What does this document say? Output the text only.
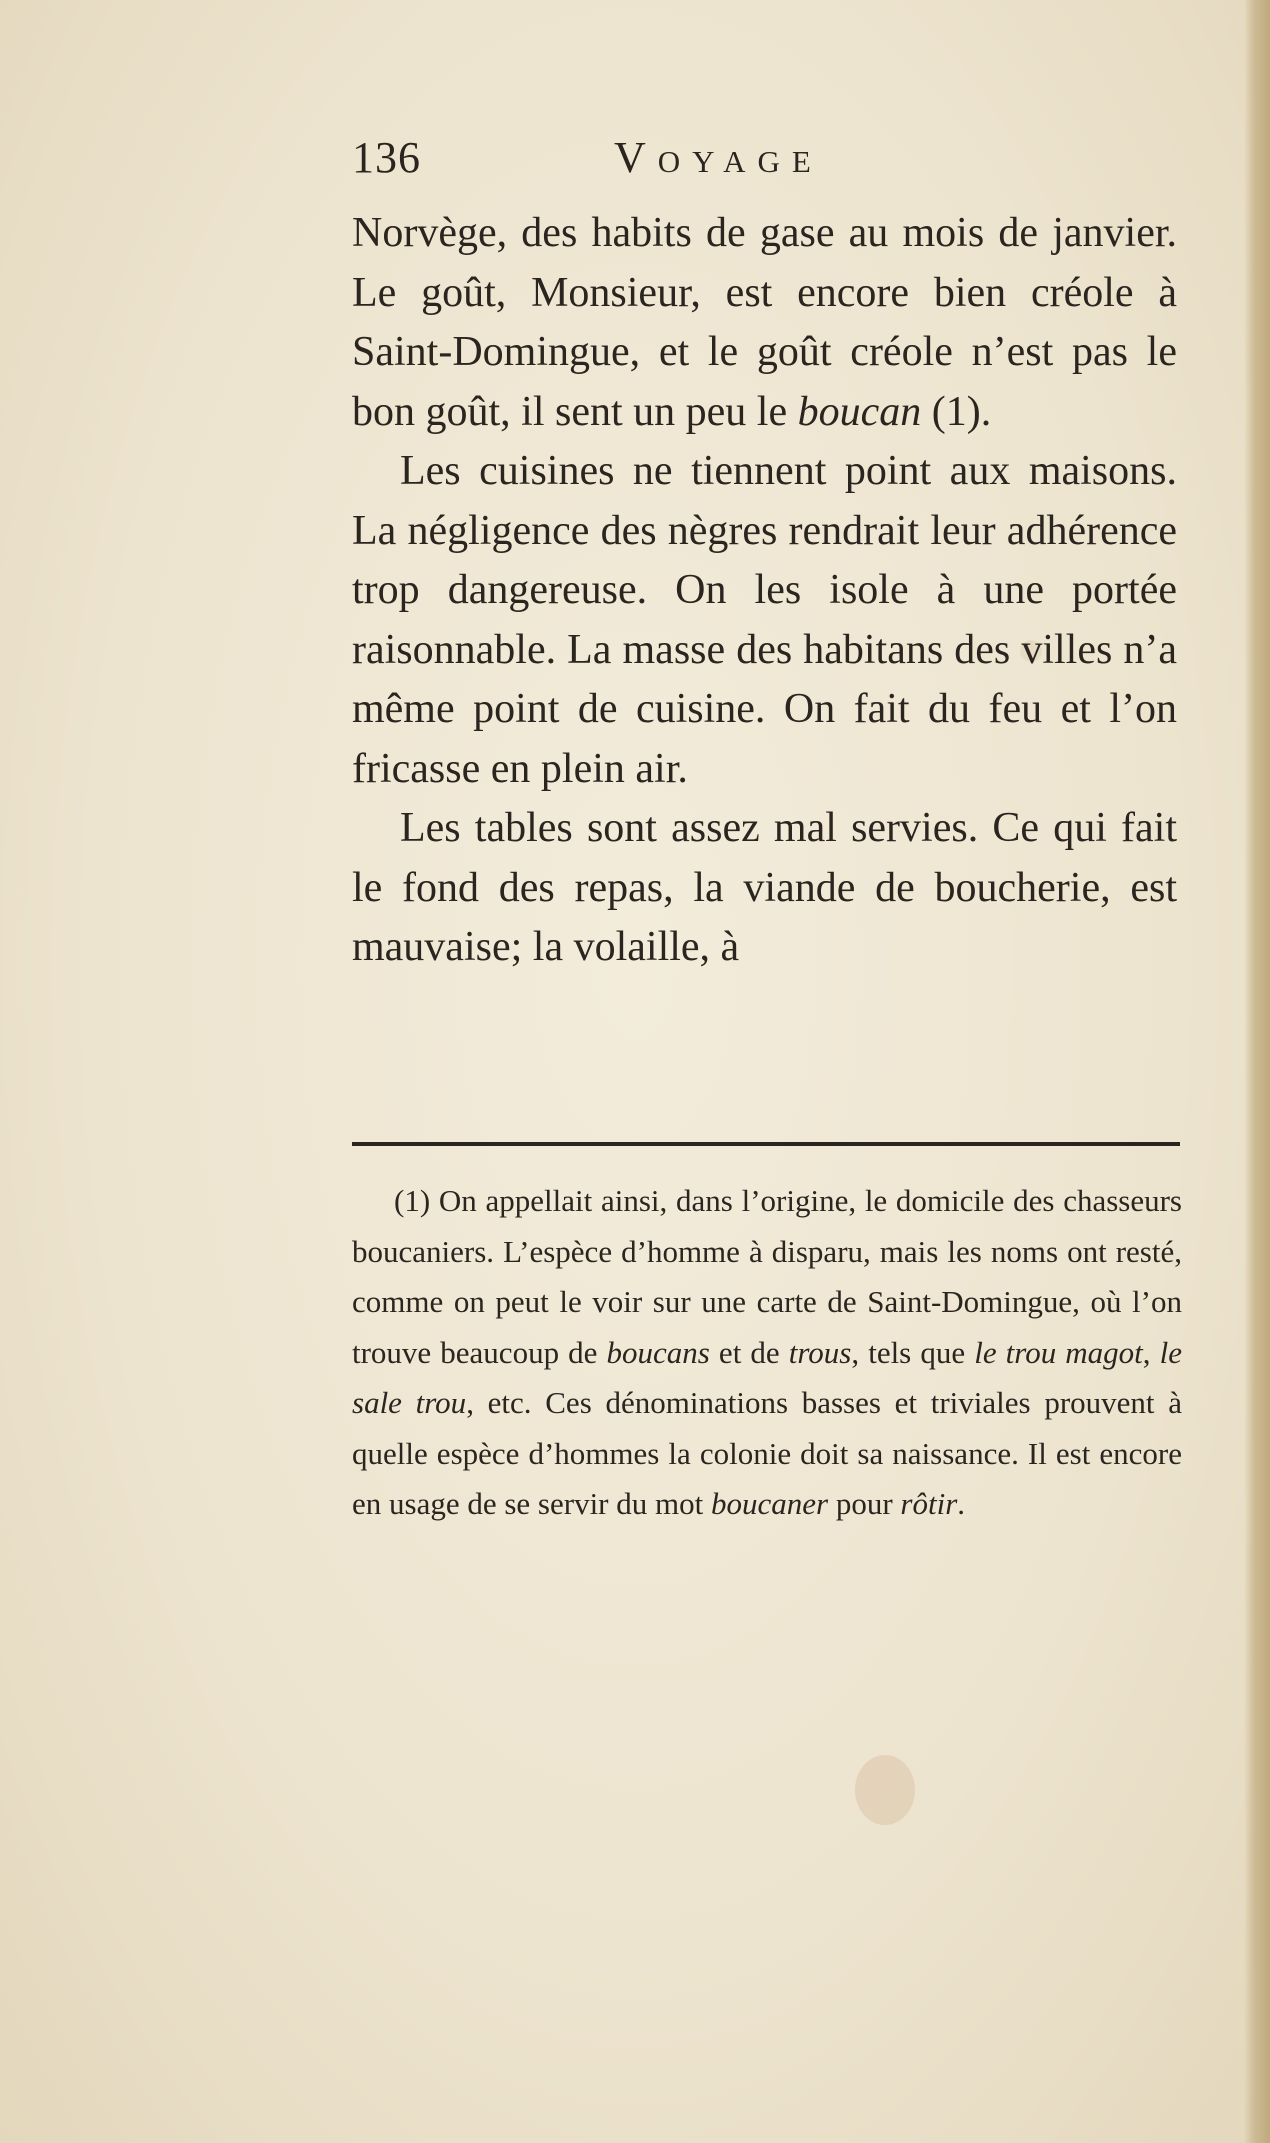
136	Voyage

Norvège, des habits de gase au mois de janvier. Le goût, Monsieur, est encore bien créole à Saint-Domingue, et le goût créole n’est pas le bon goût, il sent un peu le boucan (1).

Les cuisines ne tiennent point aux maisons. La négligence des nègres rendrait leur adhérence trop dangereuse. On les isole à une portée raisonnable. La masse des habitans des villes n’a même point de cuisine. On fait du feu et l’on fricasse en plein air.

Les tables sont assez mal servies. Ce qui fait le fond des repas, la viande de boucherie, est mauvaise; la volaille, à

(1) On appellait ainsi, dans l’origine, le domicile des chasseurs boucaniers. L’espèce d’homme à disparu, mais les noms ont resté, comme on peut le voir sur une carte de Saint-Domingue, où l’on trouve beaucoup de boucans et de trous, tels que le trou magot, le sale trou, etc. Ces dénominations basses et triviales prouvent à quelle espèce d’hommes la colonie doit sa naissance. Il est encore en usage de se servir du mot boucaner pour rôtir.
